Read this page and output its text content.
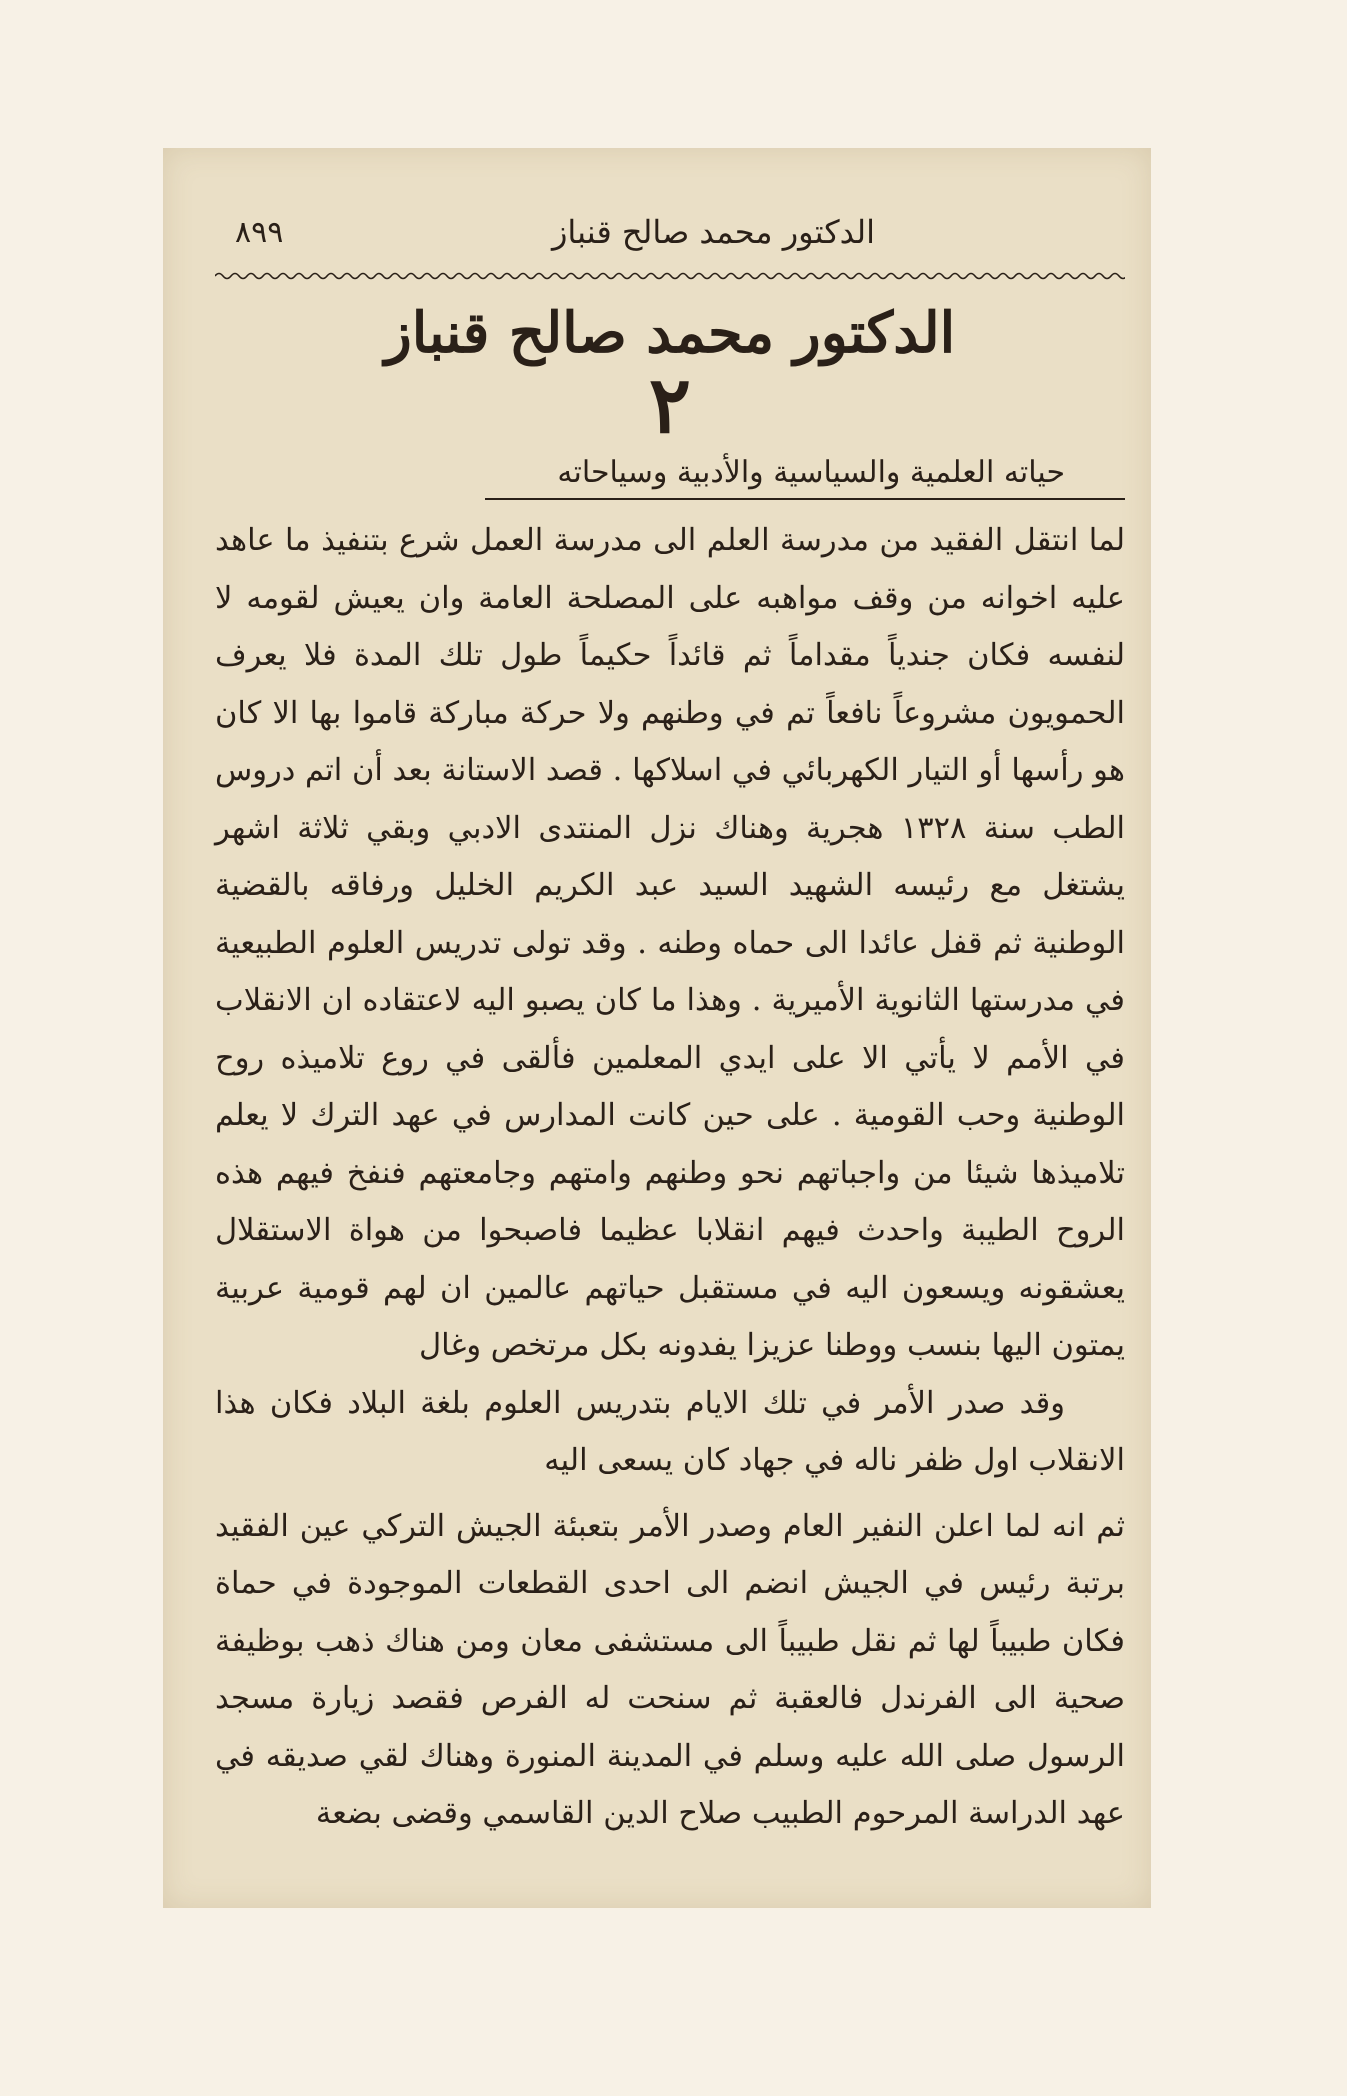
الدكتور محمد صالح قنباز
٨٩٩
الدكتور محمد صالح قنباز
٢
حياته العلمية والسياسية والأدبية وسياحاته

لما انتقل الفقيد من مدرسة العلم الى مدرسة العمل شرع بتنفيذ ما عاهد عليه اخوانه من وقف مواهبه على المصلحة العامة وان يعيش لقومه لا لنفسه فكان جندياً مقداماً ثم قائداً حكيماً طول تلك المدة فلا يعرف الحمويون مشروعاً نافعاً تم في وطنهم ولا حركة مباركة قاموا بها الا كان هو رأسها أو التيار الكهربائي في اسلاكها . قصد الاستانة بعد أن اتم دروس الطب سنة ١٣٢٨ هجرية وهناك نزل المنتدى الادبي وبقي ثلاثة اشهر يشتغل مع رئيسه الشهيد السيد عبد الكريم الخليل ورفاقه بالقضية الوطنية ثم قفل عائدا الى حماه وطنه . وقد تولى تدريس العلوم الطبيعية في مدرستها الثانوية الأميرية . وهذا ما كان يصبو اليه لاعتقاده ان الانقلاب في الأمم لا يأتي الا على ايدي المعلمين فألقى في روع تلاميذه روح الوطنية وحب القومية . على حين كانت المدارس في عهد الترك لا يعلم تلاميذها شيئا من واجباتهم نحو وطنهم وامتهم وجامعتهم فنفخ فيهم هذه الروح الطيبة واحدث فيهم انقلابا عظيما فاصبحوا من هواة الاستقلال يعشقونه ويسعون اليه في مستقبل حياتهم عالمين ان لهم قومية عربية يمتون اليها بنسب ووطنا عزيزا يفدونه بكل مرتخص وغال

وقد صدر الأمر في تلك الايام بتدريس العلوم بلغة البلاد فكان هذا الانقلاب اول ظفر ناله في جهاد كان يسعى اليه

ثم انه لما اعلن النفير العام وصدر الأمر بتعبئة الجيش التركي عين الفقيد برتبة رئيس في الجيش انضم الى احدى القطعات الموجودة في حماة فكان طبيباً لها ثم نقل طبيباً الى مستشفى معان ومن هناك ذهب بوظيفة صحية الى الفرندل فالعقبة ثم سنحت له الفرص فقصد زيارة مسجد الرسول صلى الله عليه وسلم في المدينة المنورة وهناك لقي صديقه في عهد الدراسة المرحوم الطبيب صلاح الدين القاسمي وقضى بضعة
